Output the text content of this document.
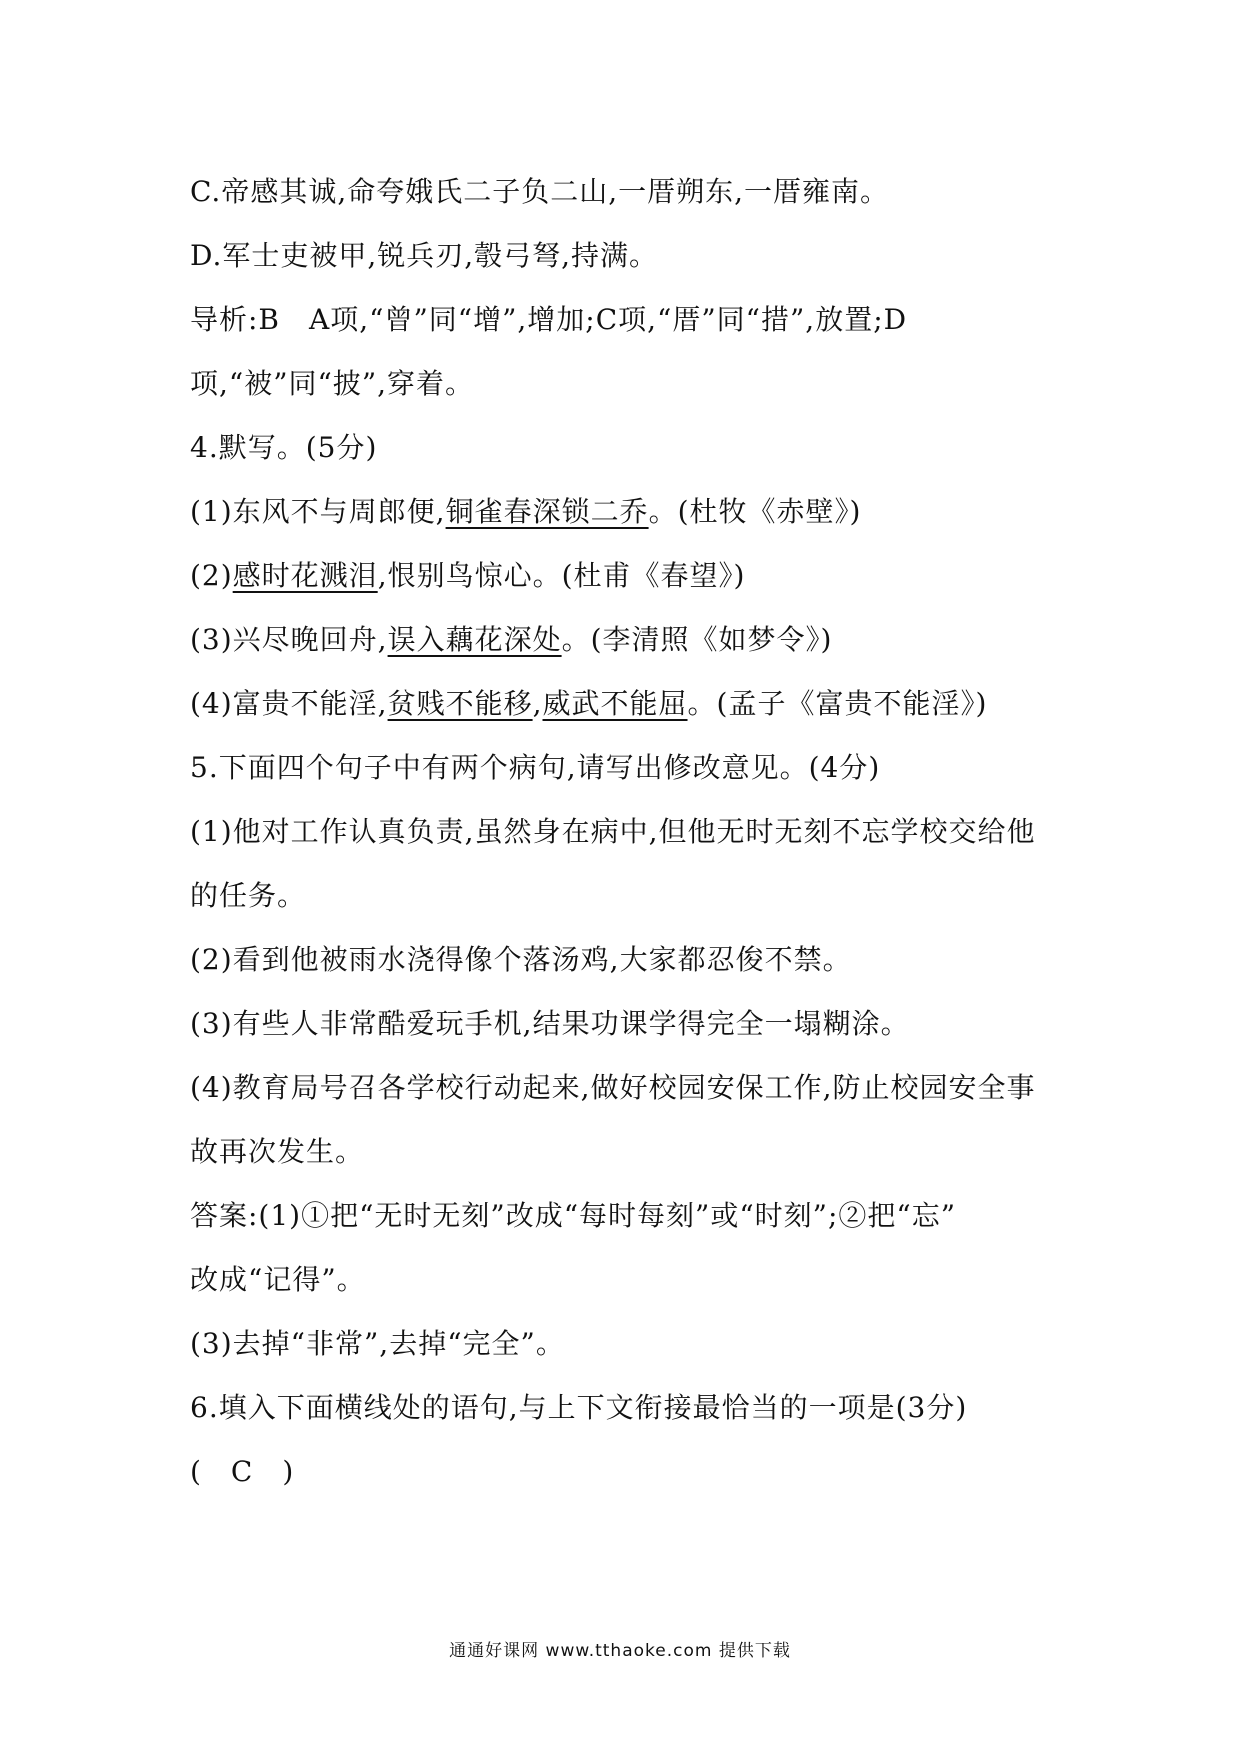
C.帝感其诚,命夸娥氏二子负二山,一厝朔东,一厝雍南。
D.军士吏被甲,锐兵刃,彀弓弩,持满。
导析:B　A项,“曾”同“增”,增加;C项,“厝”同“措”,放置;D
项,“被”同“披”,穿着。
4.默写。(5分)
(1)东风不与周郎便,铜雀春深锁二乔。(杜牧《赤壁》)
(2)感时花溅泪,恨别鸟惊心。(杜甫《春望》)
(3)兴尽晚回舟,误入藕花深处。(李清照《如梦令》)
(4)富贵不能淫,贫贱不能移,威武不能屈。(孟子《富贵不能淫》)
5.下面四个句子中有两个病句,请写出修改意见。(4分)
(1)他对工作认真负责,虽然身在病中,但他无时无刻不忘学校交给他
的任务。
(2)看到他被雨水浇得像个落汤鸡,大家都忍俊不禁。
(3)有些人非常酷爱玩手机,结果功课学得完全一塌糊涂。
(4)教育局号召各学校行动起来,做好校园安保工作,防止校园安全事
故再次发生。
答案:(1)①把“无时无刻”改成“每时每刻”或“时刻”;②把“忘”
改成“记得”。
(3)去掉“非常”,去掉“完全”。
6.填入下面横线处的语句,与上下文衔接最恰当的一项是(3分)
(　C　)
通通好课网 www.tthaoke.com 提供下载
